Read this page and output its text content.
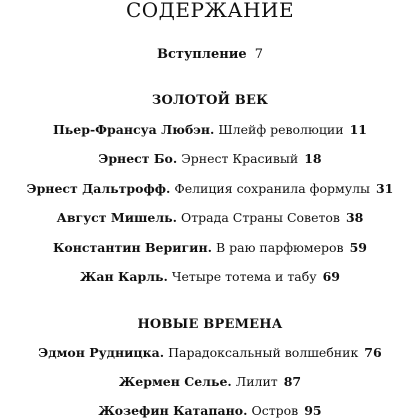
СОДЕРЖАНИЕ
Вступление 7
ЗОЛОТОЙ ВЕК
Пьер-Франсуа Любэн. Шлейф революции 11
Эрнест Бо. Эрнест Красивый 18
Эрнест Дальтрофф. Фелиция сохранила формулы 31
Август Мишель. Отрада Страны Советов 38
Константин Веригин. В раю парфюмеров 59
Жан Карль. Четыре тотема и табу 69
НОВЫЕ ВРЕМЕНА
Эдмон Рудницка. Парадоксальный волшебник 76
Жермен Селье. Лилит 87
Жозефин Катапано. Остров 95
